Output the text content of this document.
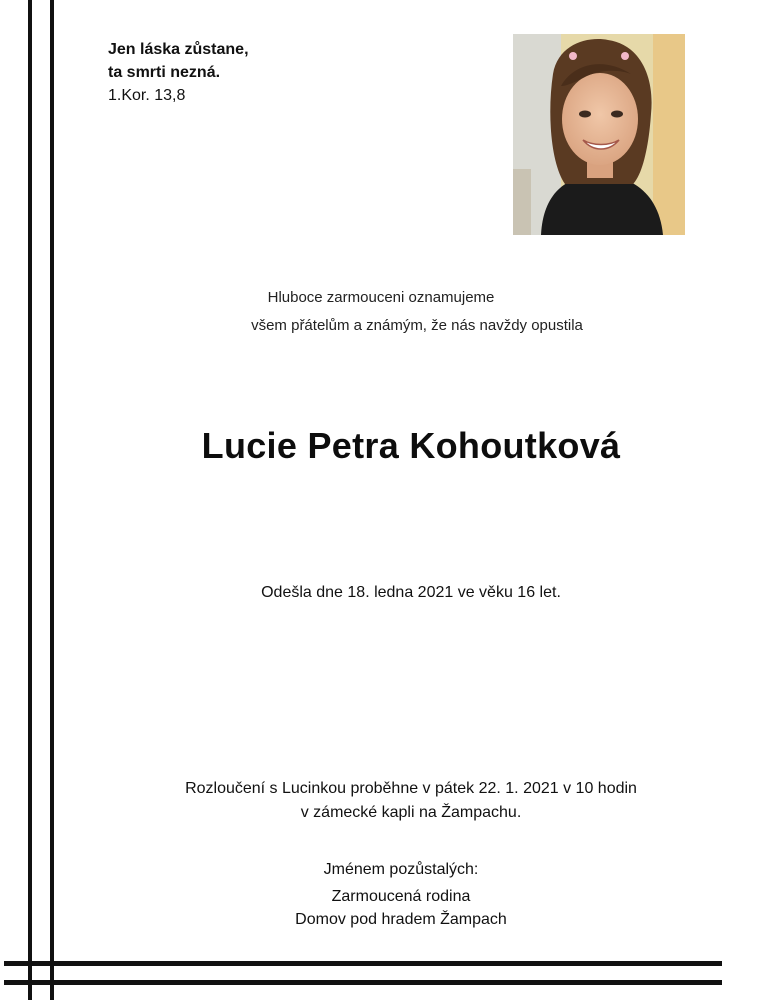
Jen láska zůstane,
ta smrti nezná.
1.Kor. 13,8
Hluboce zarmouceni oznamujeme
všem přátelům a známým, že nás navždy opustila
Lucie Petra Kohoutková
Odešla dne 18. ledna 2021 ve věku 16 let.
Rozloučení s Lucinkou proběhne v pátek 22. 1. 2021 v 10 hodin
v zámecké kapli na Žampachu.
Jménem pozůstalých:
Zarmoucená rodina
Domov pod hradem Žampach
